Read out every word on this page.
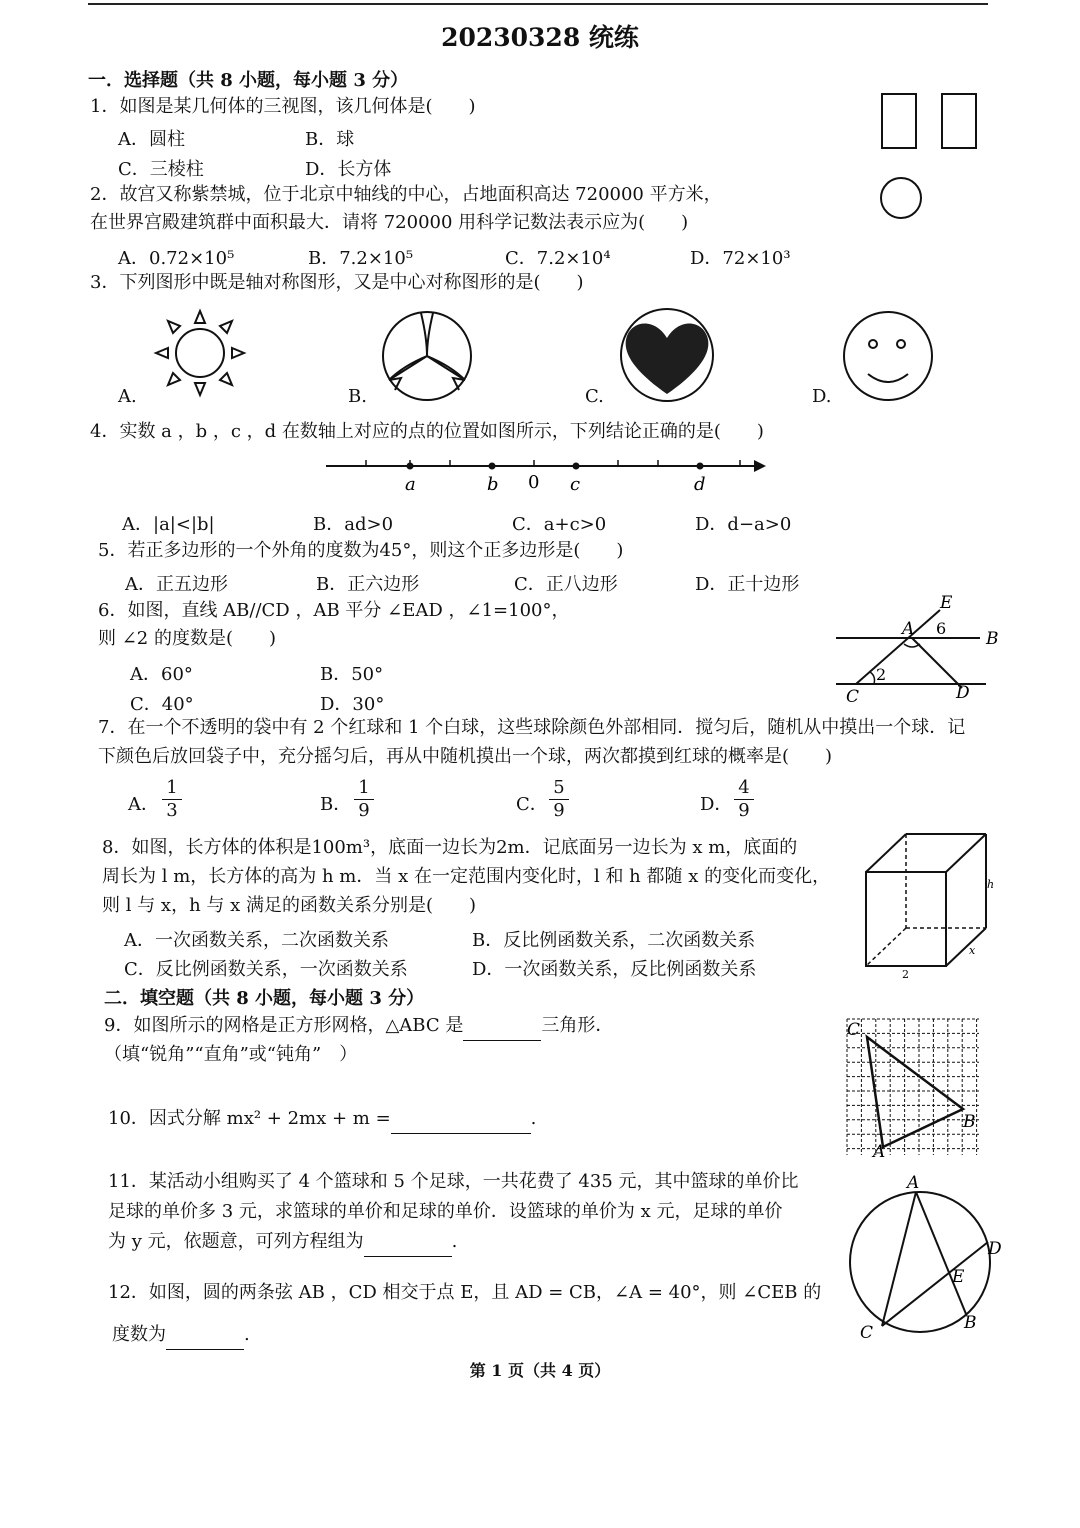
20230328 统练
一．选择题（共 8 小题，每小题 3 分）
1．如图是某几何体的三视图，该几何体是(　　)
A．圆柱	B．球
C．三棱柱	D．长方体
2．故宫又称紫禁城，位于北京中轴线的中心，占地面积高达 720000 平方米，
在世界宫殿建筑群中面积最大．请将 720000 用科学记数法表示应为(　　)
A．0.72×10⁵	B．7.2×10⁵	C．7.2×10⁴	D．72×10³
3．下列图形中既是轴对称图形，又是中心对称图形的是(　　)
A.	B.	C.	D.
4．实数 a ，b ，c ，d 在数轴上对应的点的位置如图所示，下列结论正确的是(　　)
a	b 0 c	d
A．|a|<|b|	B．ad>0	C．a+c>0	D．d−a>0
5．若正多边形的一个外角的度数为45°，则这个正多边形是(　　)
A．正五边形	B．正六边形	C．正八边形	D．正十边形
6．如图，直线 AB//CD ，AB 平分 ∠EAD ，∠1=100°，
则 ∠2 的度数是(　　)
A．60°	B．50°
C．40°	D．30°
E
A 6
B
2
C	D
7．在一个不透明的袋中有 2 个红球和 1 个白球，这些球除颜色外部相同．搅匀后，随机从中摸出一个球．记
下颜色后放回袋子中，充分摇匀后，再从中随机摸出一个球，两次都摸到红球的概率是(　　)
A．
1
3	B．
1
9	C．
5
9	D．
4
9
8．如图，长方体的体积是100m³，底面一边长为2m．记底面另一边长为 x m，底面的
周长为 l m，长方体的高为 h m．当 x 在一定范围内变化时，l 和 h 都随 x 的变化而变化，
则 l 与 x，h 与 x 满足的函数关系分别是(　　)
A．一次函数关系，二次函数关系	B．反比例函数关系，二次函数关系
C．反比例函数关系，一次函数关系	D．一次函数关系，反比例函数关系
h
x
2
二．填空题（共 8 小题，每小题 3 分）
9．如图所示的网格是正方形网格，△ABC 是	三角形．
（填“锐角”“直角”或“钝角”　）
C
B
A
10．因式分解 mx² + 2mx + m =	.
11．某活动小组购买了 4 个篮球和 5 个足球，一共花费了 435 元，其中篮球的单价比
足球的单价多 3 元，求篮球的单价和足球的单价．设篮球的单价为 x 元，足球的单价
为 y 元，依题意，可列方程组为	.
12．如图，圆的两条弦 AB ，CD 相交于点 E，且 AD = CB，∠A = 40°，则 ∠CEB 的
度数为	.
A
D
E
C	B
第 1 页（共 4 页）
